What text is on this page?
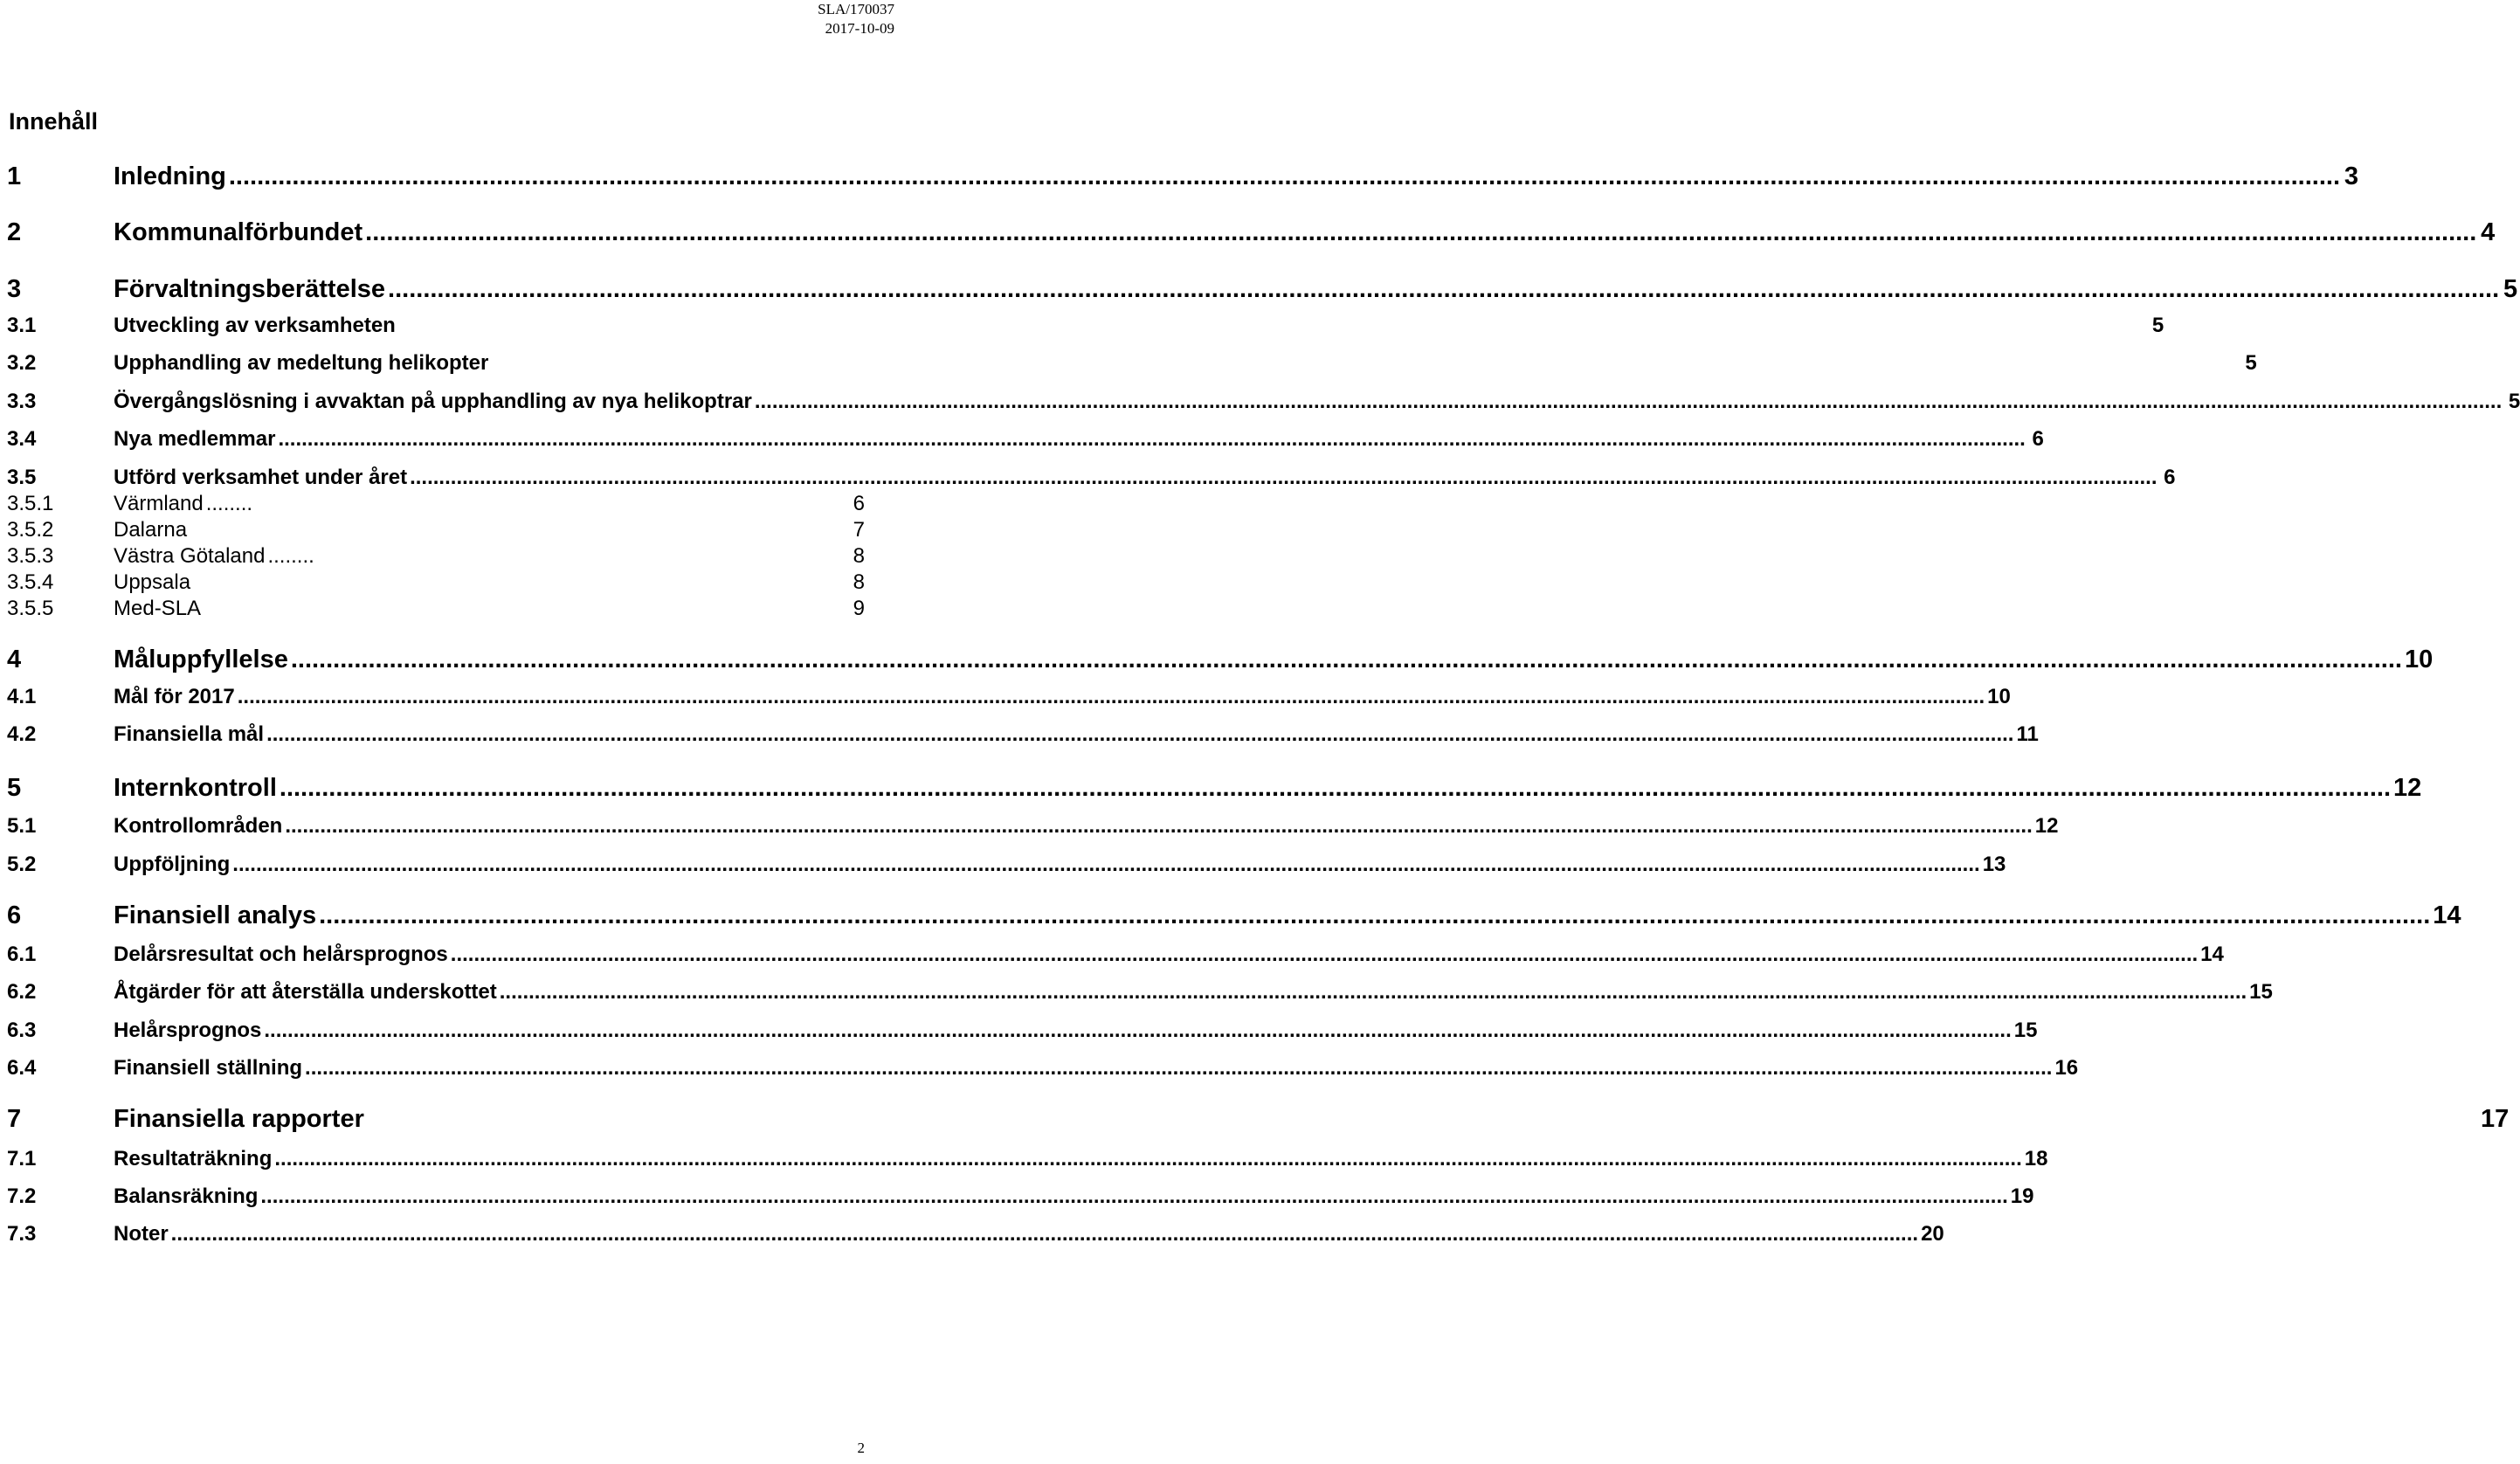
SLA/170037
2017-10-09
Innehåll
1	Inledning ............................................................................................................................................................................................................................................................................................................ 3
2	Kommunalförbundet ............................................................................................................................................................................................................................................................................................................ 4
3	Förvaltningsberättelse ............................................................................................................................................................................................................................................................................................................ 5
3.1	Utveckling av verksamheten	5
3.2	Upphandling av medeltung helikopter	5
3.3	Övergångslösning i avvaktan på upphandling av nya helikoptrar ............................................................................................................................................................................................................................................................................................................ 5
3.4	Nya medlemmar ............................................................................................................................................................................................................................................................................................................ 6
3.5	Utförd verksamhet under året ............................................................................................................................................................................................................................................................................................................ 6
3.5.1	Värmland ........	6
3.5.2	Dalarna	7
3.5.3	Västra Götaland ........	8
3.5.4	Uppsala	8
3.5.5	Med-SLA	9
4	Måluppfyllelse ............................................................................................................................................................................................................................................................................................................ 10
4.1	Mål för 2017 ............................................................................................................................................................................................................................................................................................................ 10
4.2	Finansiella mål ............................................................................................................................................................................................................................................................................................................ 11
5	Internkontroll ............................................................................................................................................................................................................................................................................................................ 12
5.1	Kontrollområden ............................................................................................................................................................................................................................................................................................................ 12
5.2	Uppföljning ............................................................................................................................................................................................................................................................................................................ 13
6	Finansiell analys ............................................................................................................................................................................................................................................................................................................ 14
6.1	Delårsresultat och helårsprognos ............................................................................................................................................................................................................................................................................................................ 14
6.2	Åtgärder för att återställa underskottet ............................................................................................................................................................................................................................................................................................................ 15
6.3	Helårsprognos ............................................................................................................................................................................................................................................................................................................ 15
6.4	Finansiell ställning ............................................................................................................................................................................................................................................................................................................ 16
7	Finansiella rapporter	17
7.1	Resultaträkning ............................................................................................................................................................................................................................................................................................................ 18
7.2	Balansräkning ............................................................................................................................................................................................................................................................................................................ 19
7.3	Noter ............................................................................................................................................................................................................................................................................................................ 20
2
